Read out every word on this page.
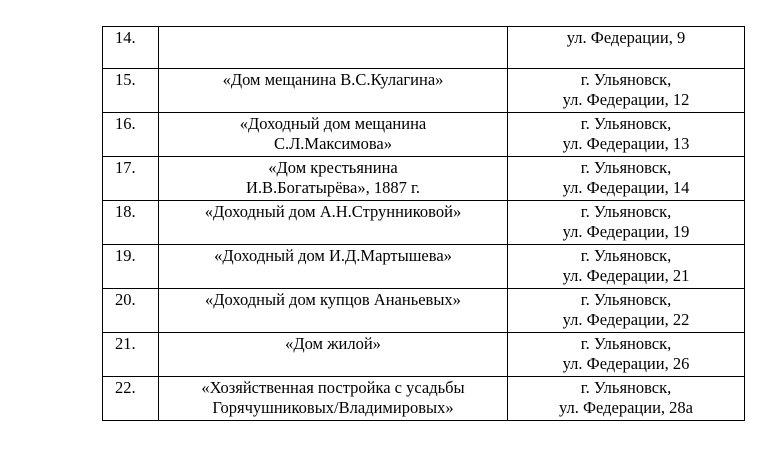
14.		ул. Федерации, 9

15.	«Дом мещанина В.С.Кулагина»	г. Ульяновск,
ул. Федерации, 12

16.	«Доходный дом мещанина
С.Л.Максимова»	г. Ульяновск,
ул. Федерации, 13

17.	«Дом крестьянина
И.В.Богатырёва», 1887 г.	г. Ульяновск,
ул. Федерации, 14

18.	«Доходный дом А.Н.Струнниковой»	г. Ульяновск,
ул. Федерации, 19

19.	«Доходный дом И.Д.Мартышева»	г. Ульяновск,
ул. Федерации, 21

20.	«Доходный дом купцов Ананьевых»	г. Ульяновск,
ул. Федерации, 22

21.	«Дом жилой»	г. Ульяновск,
ул. Федерации, 26

22.	«Хозяйственная постройка с усадьбы
Горячушниковых/Владимировых»	г. Ульяновск,
ул. Федерации, 28а
